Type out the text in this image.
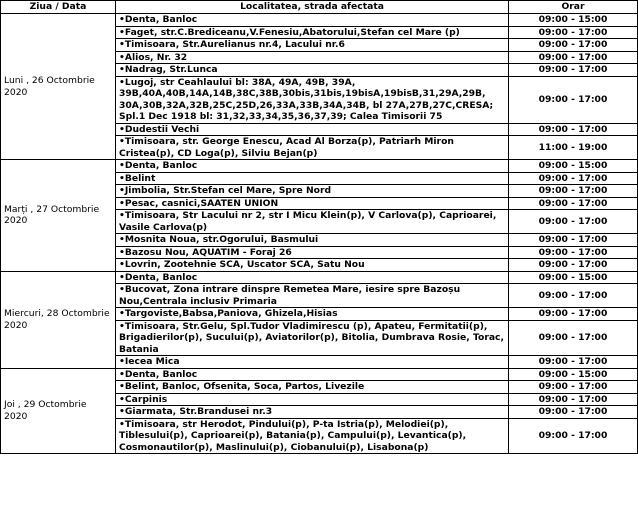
Ziua / Data	Localitatea, strada afectata	Orar
Luni , 26 Octombrie 2020	•Denta, Banloc	09:00 - 15:00
	•Faget, str.C.Brediceanu,V.Fenesiu,Abatorului,Stefan cel Mare (p)	09:00 - 17:00
	•Timisoara, Str.Aurelianus nr.4, Lacului nr.6	09:00 - 17:00
	•Alios, Nr. 32	09:00 - 17:00
	•Nadrag, Str.Lunca	09:00 - 17:00
	•Lugoj, str Ceahlaului bl: 38A, 49A, 49B, 39A, 39B,40A,40B,14A,14B,38C,38B,30bis,31bis,19bisA,19bisB,31,29A,29B, 30A,30B,32A,32B,25C,25D,26,33A,33B,34A,34B, bl 27A,27B,27C,CRESA; Spl.1 Dec 1918 bl: 31,32,33,34,35,36,37,39; Calea Timisorii 75	09:00 - 17:00
	•Dudestii Vechi	09:00 - 17:00
	•Timisoara, str. George Enescu, Acad Al Borza(p), Patriarh Miron Cristea(p), CD Loga(p), Silviu Bejan(p)	11:00 - 19:00
Marți , 27 Octombrie 2020	•Denta, Banloc	09:00 - 15:00
	•Belint	09:00 - 17:00
	•Jimbolia, Str.Stefan cel Mare, Spre Nord	09:00 - 17:00
	•Pesac, casnici,SAATEN UNION	09:00 - 17:00
	•Timisoara, Str Lacului nr 2, str I Micu Klein(p), V Carlova(p), Caprioarei, Vasile Carlova(p)	09:00 - 17:00
	•Mosnita Noua, str.Ogorului, Basmului	09:00 - 17:00
	•Bazosu Nou, AQUATIM - Foraj 26	09:00 - 17:00
	•Lovrin, Zootehnie SCA, Uscator SCA, Satu Nou	09:00 - 17:00
Miercuri, 28 Octombrie 2020	•Denta, Banloc	09:00 - 15:00
	•Bucovat, Zona intrare dinspre Remetea Mare, iesire spre Bazoșu Nou,Centrala inclusiv Primaria	09:00 - 17:00
	•Targoviste,Babsa,Paniova, Ghizela,Hisias	09:00 - 17:00
	•Timisoara, Str.Gelu, Spl.Tudor Vladimirescu (p), Apateu, Fermitatii(p), Brigadierilor(p), Sucului(p), Aviatorilor(p), Bitolia, Dumbrava Rosie, Torac, Batania	09:00 - 17:00
	•Iecea Mica	09:00 - 17:00
Joi , 29 Octombrie 2020	•Denta, Banloc	09:00 - 15:00
	•Belint, Banloc, Ofsenita, Soca, Partos, Livezile	09:00 - 17:00
	•Carpinis	09:00 - 17:00
	•Giarmata, Str.Brandusei nr.3	09:00 - 17:00
	•Timisoara, str Herodot, Pindului(p), P-ta Istria(p), Melodiei(p), Tiblesului(p), Caprioarei(p), Batania(p), Campului(p), Levantica(p), Cosmonautilor(p), Maslinului(p), Ciobanului(p), Lisabona(p)	09:00 - 17:00
